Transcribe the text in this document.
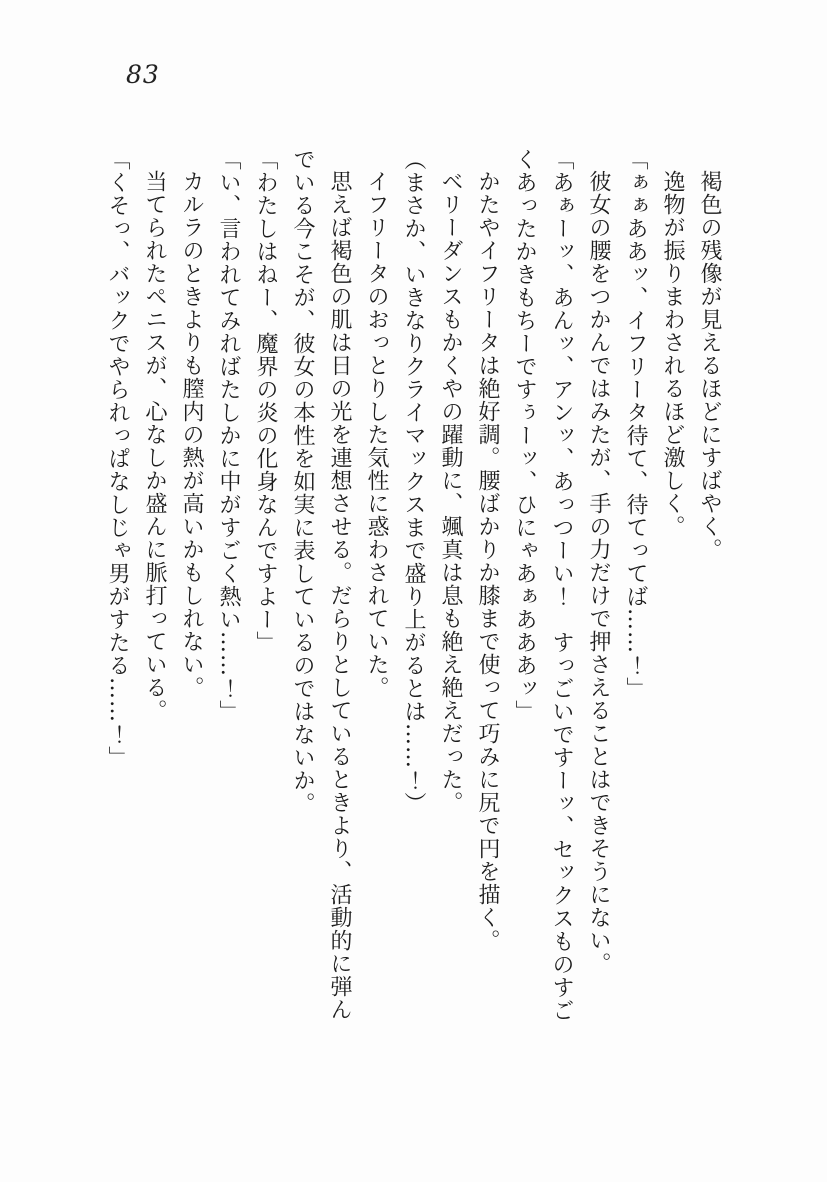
83

褐色の残像が見えるほどにすばやく。

逸物が振りまわされるほど激しく。

「ぁぁああッ、イフリータ待て、待てってば……！」

彼女の腰をつかんではみたが、手の力だけで押さえることはできそうにない。

「あぁーッ、あんッ、アンッ、あっつーい！　すっごいですーッ、セックスものすご

くあったかきもちーですぅーッ、ひにゃあぁあああッ」

かたやイフリータは絶好調。腰ばかりか膝まで使って巧みに尻で円を描く。

ベリーダンスもかくやの躍動に、颯真は息も絶え絶えだった。

（まさか、いきなりクライマックスまで盛り上がるとは……！）

イフリータのおっとりした気性に惑わされていた。

思えば褐色の肌は日の光を連想させる。だらりとしているときより、活動的に弾ん

でいる今こそが、彼女の本性を如実に表しているのではないか。

「わたしはねー、魔界の炎の化身なんですよー」

「い、言われてみればたしかに中がすごく熱い……！」

カルラのときよりも膣内の熱が高いかもしれない。

当てられたペニスが、心なしか盛んに脈打っている。

「くそっ、バックでやられっぱなしじゃ男がすたる……！」
